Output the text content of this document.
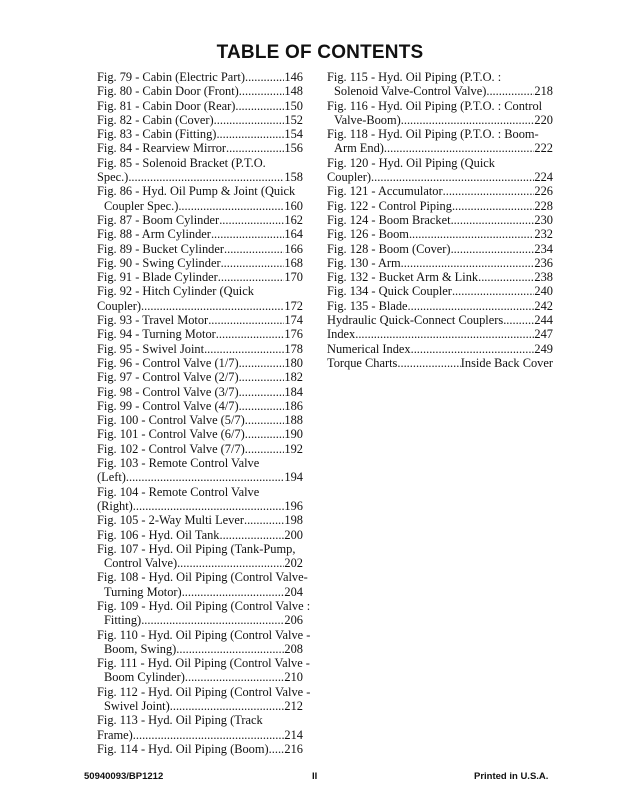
TABLE OF CONTENTS
Fig. 79 - Cabin (Electric Part) .....	146
Fig. 80 - Cabin Door (Front) .....	148
Fig. 81 - Cabin Door (Rear) .....	150
Fig. 82 - Cabin (Cover) .....	152
Fig. 83 - Cabin (Fitting) .....	154
Fig. 84 - Rearview Mirror .....	156
Fig. 85 - Solenoid Bracket (P.T.O.
Spec.) .....	158
Fig. 86 - Hyd. Oil Pump & Joint (Quick
Coupler Spec.) .....	160
Fig. 87 - Boom Cylinder .....	162
Fig. 88 - Arm Cylinder .....	164
Fig. 89 - Bucket Cylinder .....	166
Fig. 90 - Swing Cylinder .....	168
Fig. 91 - Blade Cylinder .....	170
Fig. 92 - Hitch Cylinder (Quick
Coupler) .....	172
Fig. 93 - Travel Motor .....	174
Fig. 94 - Turning Motor .....	176
Fig. 95 - Swivel Joint .....	178
Fig. 96 - Control Valve (1/7) .....	180
Fig. 97 - Control Valve (2/7) .....	182
Fig. 98 - Control Valve (3/7) .....	184
Fig. 99 - Control Valve (4/7) .....	186
Fig. 100 - Control Valve (5/7) .....	188
Fig. 101 - Control Valve (6/7) .....	190
Fig. 102 - Control Valve (7/7) .....	192
Fig. 103 - Remote Control Valve
(Left) .....	194
Fig. 104 - Remote Control Valve
(Right) .....	196
Fig. 105 - 2-Way Multi Lever .....	198
Fig. 106 - Hyd. Oil Tank .....	200
Fig. 107 - Hyd. Oil Piping (Tank-Pump,
Control Valve) .....	202
Fig. 108 - Hyd. Oil Piping (Control Valve-
Turning Motor) .....	204
Fig. 109 - Hyd. Oil Piping (Control Valve :
Fitting) .....	206
Fig. 110 - Hyd. Oil Piping (Control Valve -
Boom, Swing) .....	208
Fig. 111 - Hyd. Oil Piping (Control Valve -
Boom Cylinder) .....	210
Fig. 112 - Hyd. Oil Piping (Control Valve -
Swivel Joint) .....	212
Fig. 113 - Hyd. Oil Piping (Track
Frame) .....	214
Fig. 114 - Hyd. Oil Piping (Boom) ..... 216
Fig. 115 - Hyd. Oil Piping (P.T.O. :
Solenoid Valve-Control Valve) .....	218
Fig. 116 - Hyd. Oil Piping (P.T.O. : Control
Valve-Boom) .....	220
Fig. 118 - Hyd. Oil Piping (P.T.O. : Boom-
Arm End) .....	222
Fig. 120 - Hyd. Oil Piping (Quick
Coupler) .....	224
Fig. 121 - Accumulator .....	226
Fig. 122 - Control Piping .....	228
Fig. 124 - Boom Bracket .....	230
Fig. 126 - Boom .....	232
Fig. 128 - Boom (Cover) .....	234
Fig. 130 - Arm .....	236
Fig. 132 - Bucket Arm & Link .....	238
Fig. 134 - Quick Coupler .....	240
Fig. 135 - Blade .....	242
Hydraulic Quick-Connect Couplers .....	244
Index .....	247
Numerical Index .....	249
Torque Charts .....	Inside Back Cover
50940093/BP1212	II	Printed in U.S.A.
